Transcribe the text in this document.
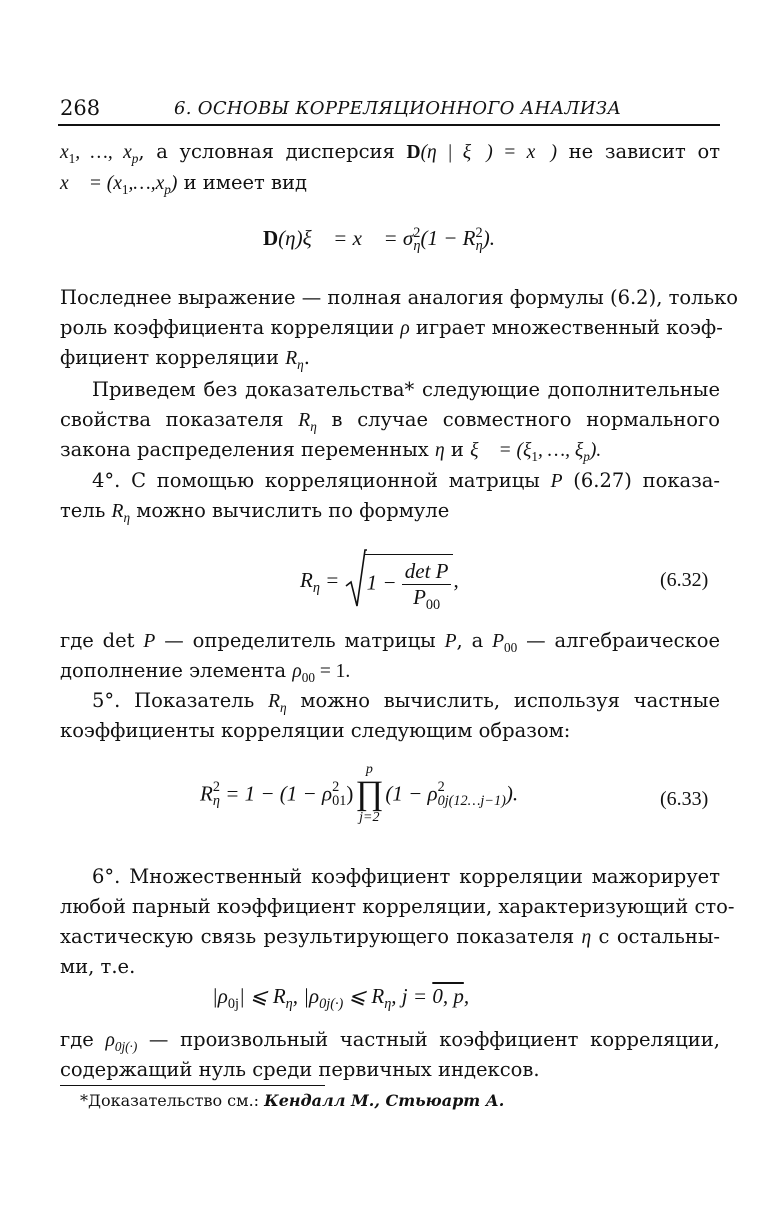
268	6. ОСНОВЫ КОРРЕЛЯЦИОННОГО АНАЛИЗА
$x_1$, …, $x_p$, а условная дисперсия D(η | ξ⃗) = x⃗) не зависит от
x⃗ = $(x_1,\dots,x_p)$ и имеет вид
D(η)ξ⃗ = x⃗ = $\sigma^2_\eta(1 - R^2_\eta)$.
Последнее выражение — полная аналогия формулы (6.2), только
роль коэффициента корреляции ρ играет множественный коэф-
фициент корреляции $R_\eta$.
Приведем без доказательства* следующие дополнительные
свойства показателя $R_\eta$ в случае совместного нормального
закона распределения переменных η и ξ⃗ = ($\xi_1$, …, $\xi_p$).
4°. С помощью корреляционной матрицы P (6.27) показа-
тель $R_\eta$ можно вычислить по формуле
$R_\eta = 1 - \frac{\text{det P}}{P_{00}}$ ,	(6.32)
где det P — определитель матрицы P, а $P_{00}$ — алгебраическое
дополнение элемента $\rho_{00} = 1$.
5°. Показатель $R_\eta$ можно вычислить, используя частные
коэффициенты корреляции следующим образом:
R 2
η = 1 − (1 − ρ 2
01 )
p
∏
j=2
(1 − ρ 2
0j(12…j−1) ).	(6.33)
6°. Множественный коэффициент корреляции мажорирует
любой парный коэффициент корреляции, характеризующий сто-
хастическую связь результирующего показателя η с остальны-
ми, т.е.
$|\rho_{0j}|$ ⩽ $R_\eta$, $|\rho_{0j(\cdot)}$ ⩽ $R_\eta$, j = 0, p,
где $\rho_{0j(\cdot)}$ — произвольный частный коэффициент корреляции,
содержащий нуль среди первичных индексов.
*Доказательство см.: Кендалл М., Стьюарт А.
